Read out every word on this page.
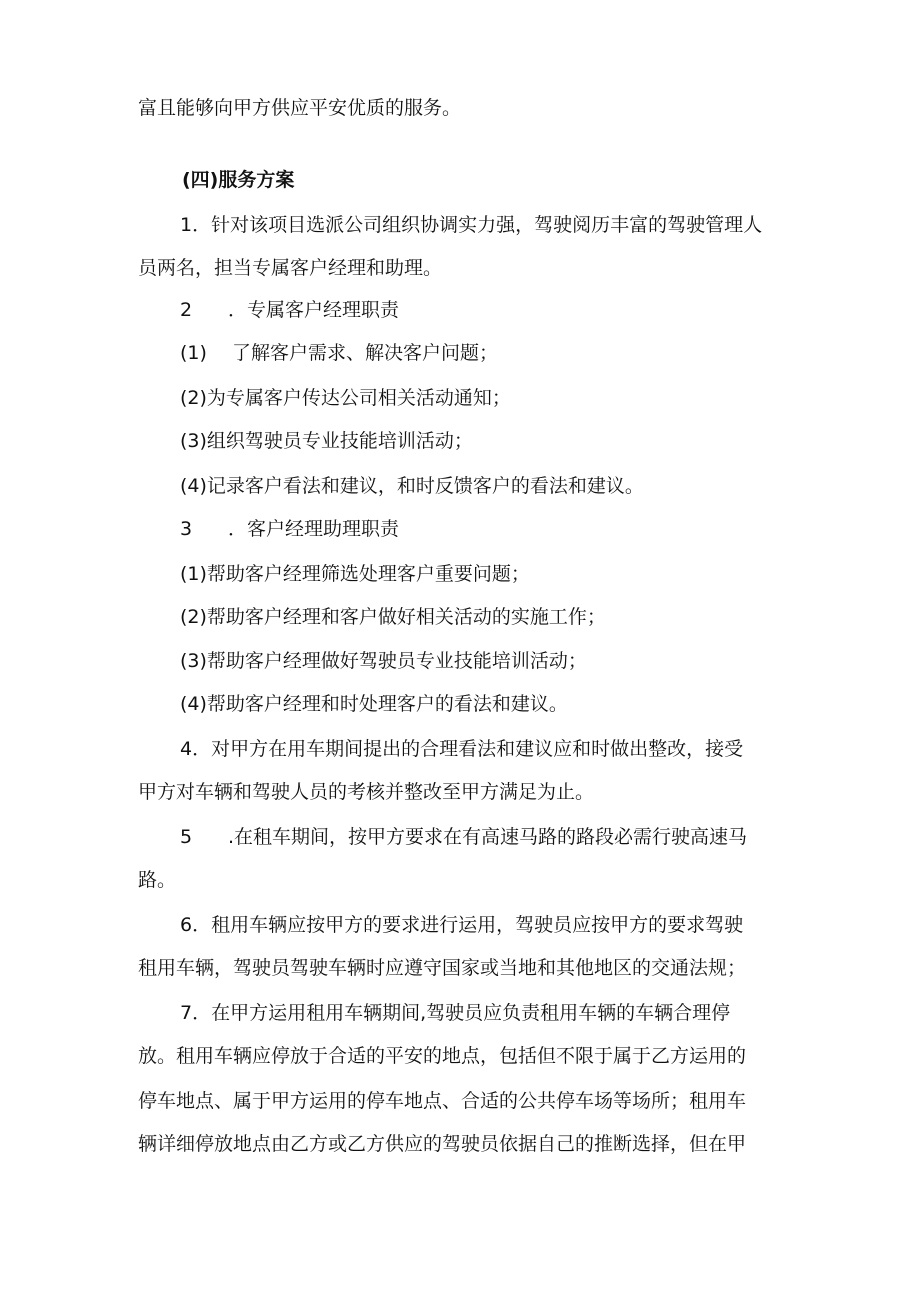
富且能够向甲方供应平安优质的服务。

(四)服务方案

1．针对该项目选派公司组织协调实力强，驾驶阅历丰富的驾驶管理人

员两名，担当专属客户经理和助理。

2 ．专属客户经理职责

(1) 了解客户需求、解决客户问题；

(2)为专属客户传达公司相关活动通知；

(3)组织驾驶员专业技能培训活动；

(4)记录客户看法和建议，和时反馈客户的看法和建议。

3 ．客户经理助理职责

(1)帮助客户经理筛选处理客户重要问题；

(2)帮助客户经理和客户做好相关活动的实施工作；

(3)帮助客户经理做好驾驶员专业技能培训活动；

(4)帮助客户经理和时处理客户的看法和建议。

4．对甲方在用车期间提出的合理看法和建议应和时做出整改，接受

甲方对车辆和驾驶人员的考核并整改至甲方满足为止。

5 .在租车期间，按甲方要求在有高速马路的路段必需行驶高速马

路。

6．租用车辆应按甲方的要求进行运用，驾驶员应按甲方的要求驾驶

租用车辆，驾驶员驾驶车辆时应遵守国家或当地和其他地区的交通法规；

7．在甲方运用租用车辆期间,驾驶员应负责租用车辆的车辆合理停

放。租用车辆应停放于合适的平安的地点，包括但不限于属于乙方运用的

停车地点、属于甲方运用的停车地点、合适的公共停车场等场所；租用车

辆详细停放地点由乙方或乙方供应的驾驶员依据自己的推断选择，但在甲
